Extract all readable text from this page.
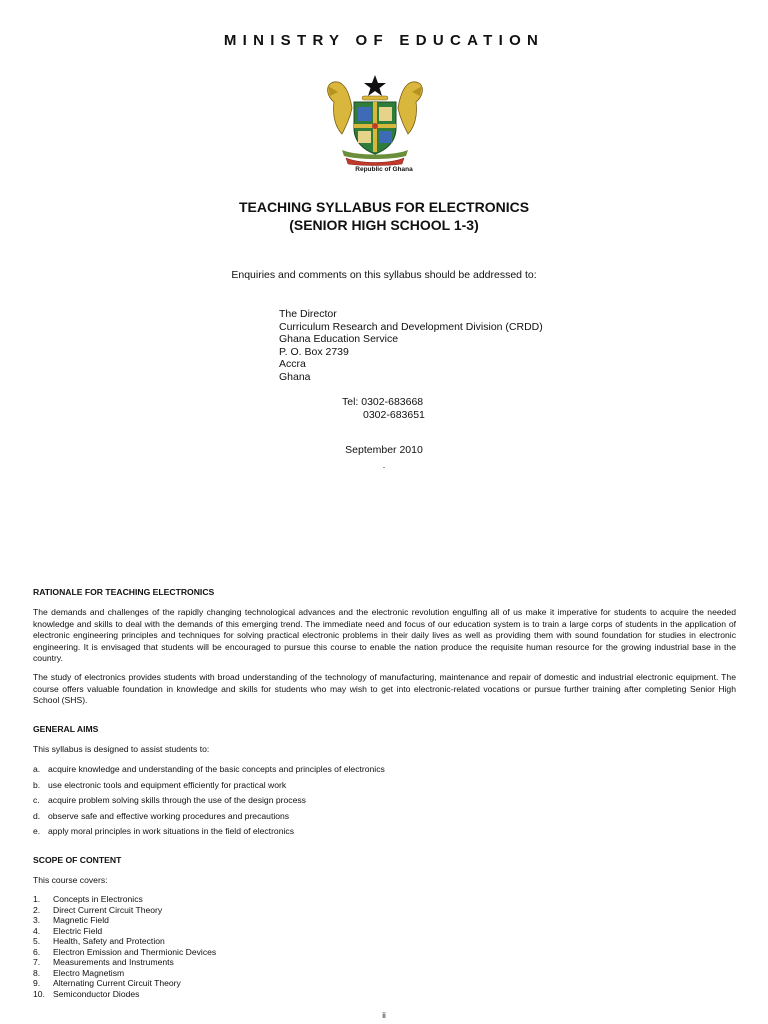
MINISTRY OF EDUCATION
Republic of Ghana
TEACHING SYLLABUS FOR ELECTRONICS
(SENIOR HIGH SCHOOL 1-3)
Enquiries and comments on this syllabus should be addressed to:
The Director
Curriculum Research and Development Division (CRDD)
Ghana Education Service
P. O. Box 2739
Accra
Ghana
Tel: 0302-683668
0302-683651
September 2010
.
RATIONALE FOR TEACHING ELECTRONICS

The demands and challenges of the rapidly changing technological advances and the electronic revolution engulfing all of us make it imperative for students to acquire the needed knowledge and skills to deal with the demands of this emerging trend. The immediate need and focus of our education system is to train a large corps of students in the application of electronic engineering principles and techniques for solving practical electronic problems in their daily lives as well as providing them with sound foundation for studies in electronic engineering. It is envisaged that students will be encouraged to pursue this course to enable the nation produce the requisite human resource for the growing industrial base in the country.

The study of electronics provides students with broad understanding of the technology of manufacturing, maintenance and repair of domestic and industrial electronic equipment. The course offers valuable foundation in knowledge and skills for students who may wish to get into electronic-related vocations or pursue further training after completing Senior High School (SHS).

GENERAL AIMS
This syllabus is designed to assist students to:
a. acquire knowledge and understanding of the basic concepts and principles of electronics
b. use electronic tools and equipment efficiently for practical work
c. acquire problem solving skills through the use of the design process
d. observe safe and effective working procedures and precautions
e. apply moral principles in work situations in the field of electronics
SCOPE OF CONTENT
This course covers:
1. Concepts in Electronics
2. Direct Current Circuit Theory
3. Magnetic Field
4. Electric Field
5. Health, Safety and Protection
6. Electron Emission and Thermionic Devices
7. Measurements and Instruments
8. Electro Magnetism
9. Alternating Current Circuit Theory
10. Semiconductor Diodes
ii
